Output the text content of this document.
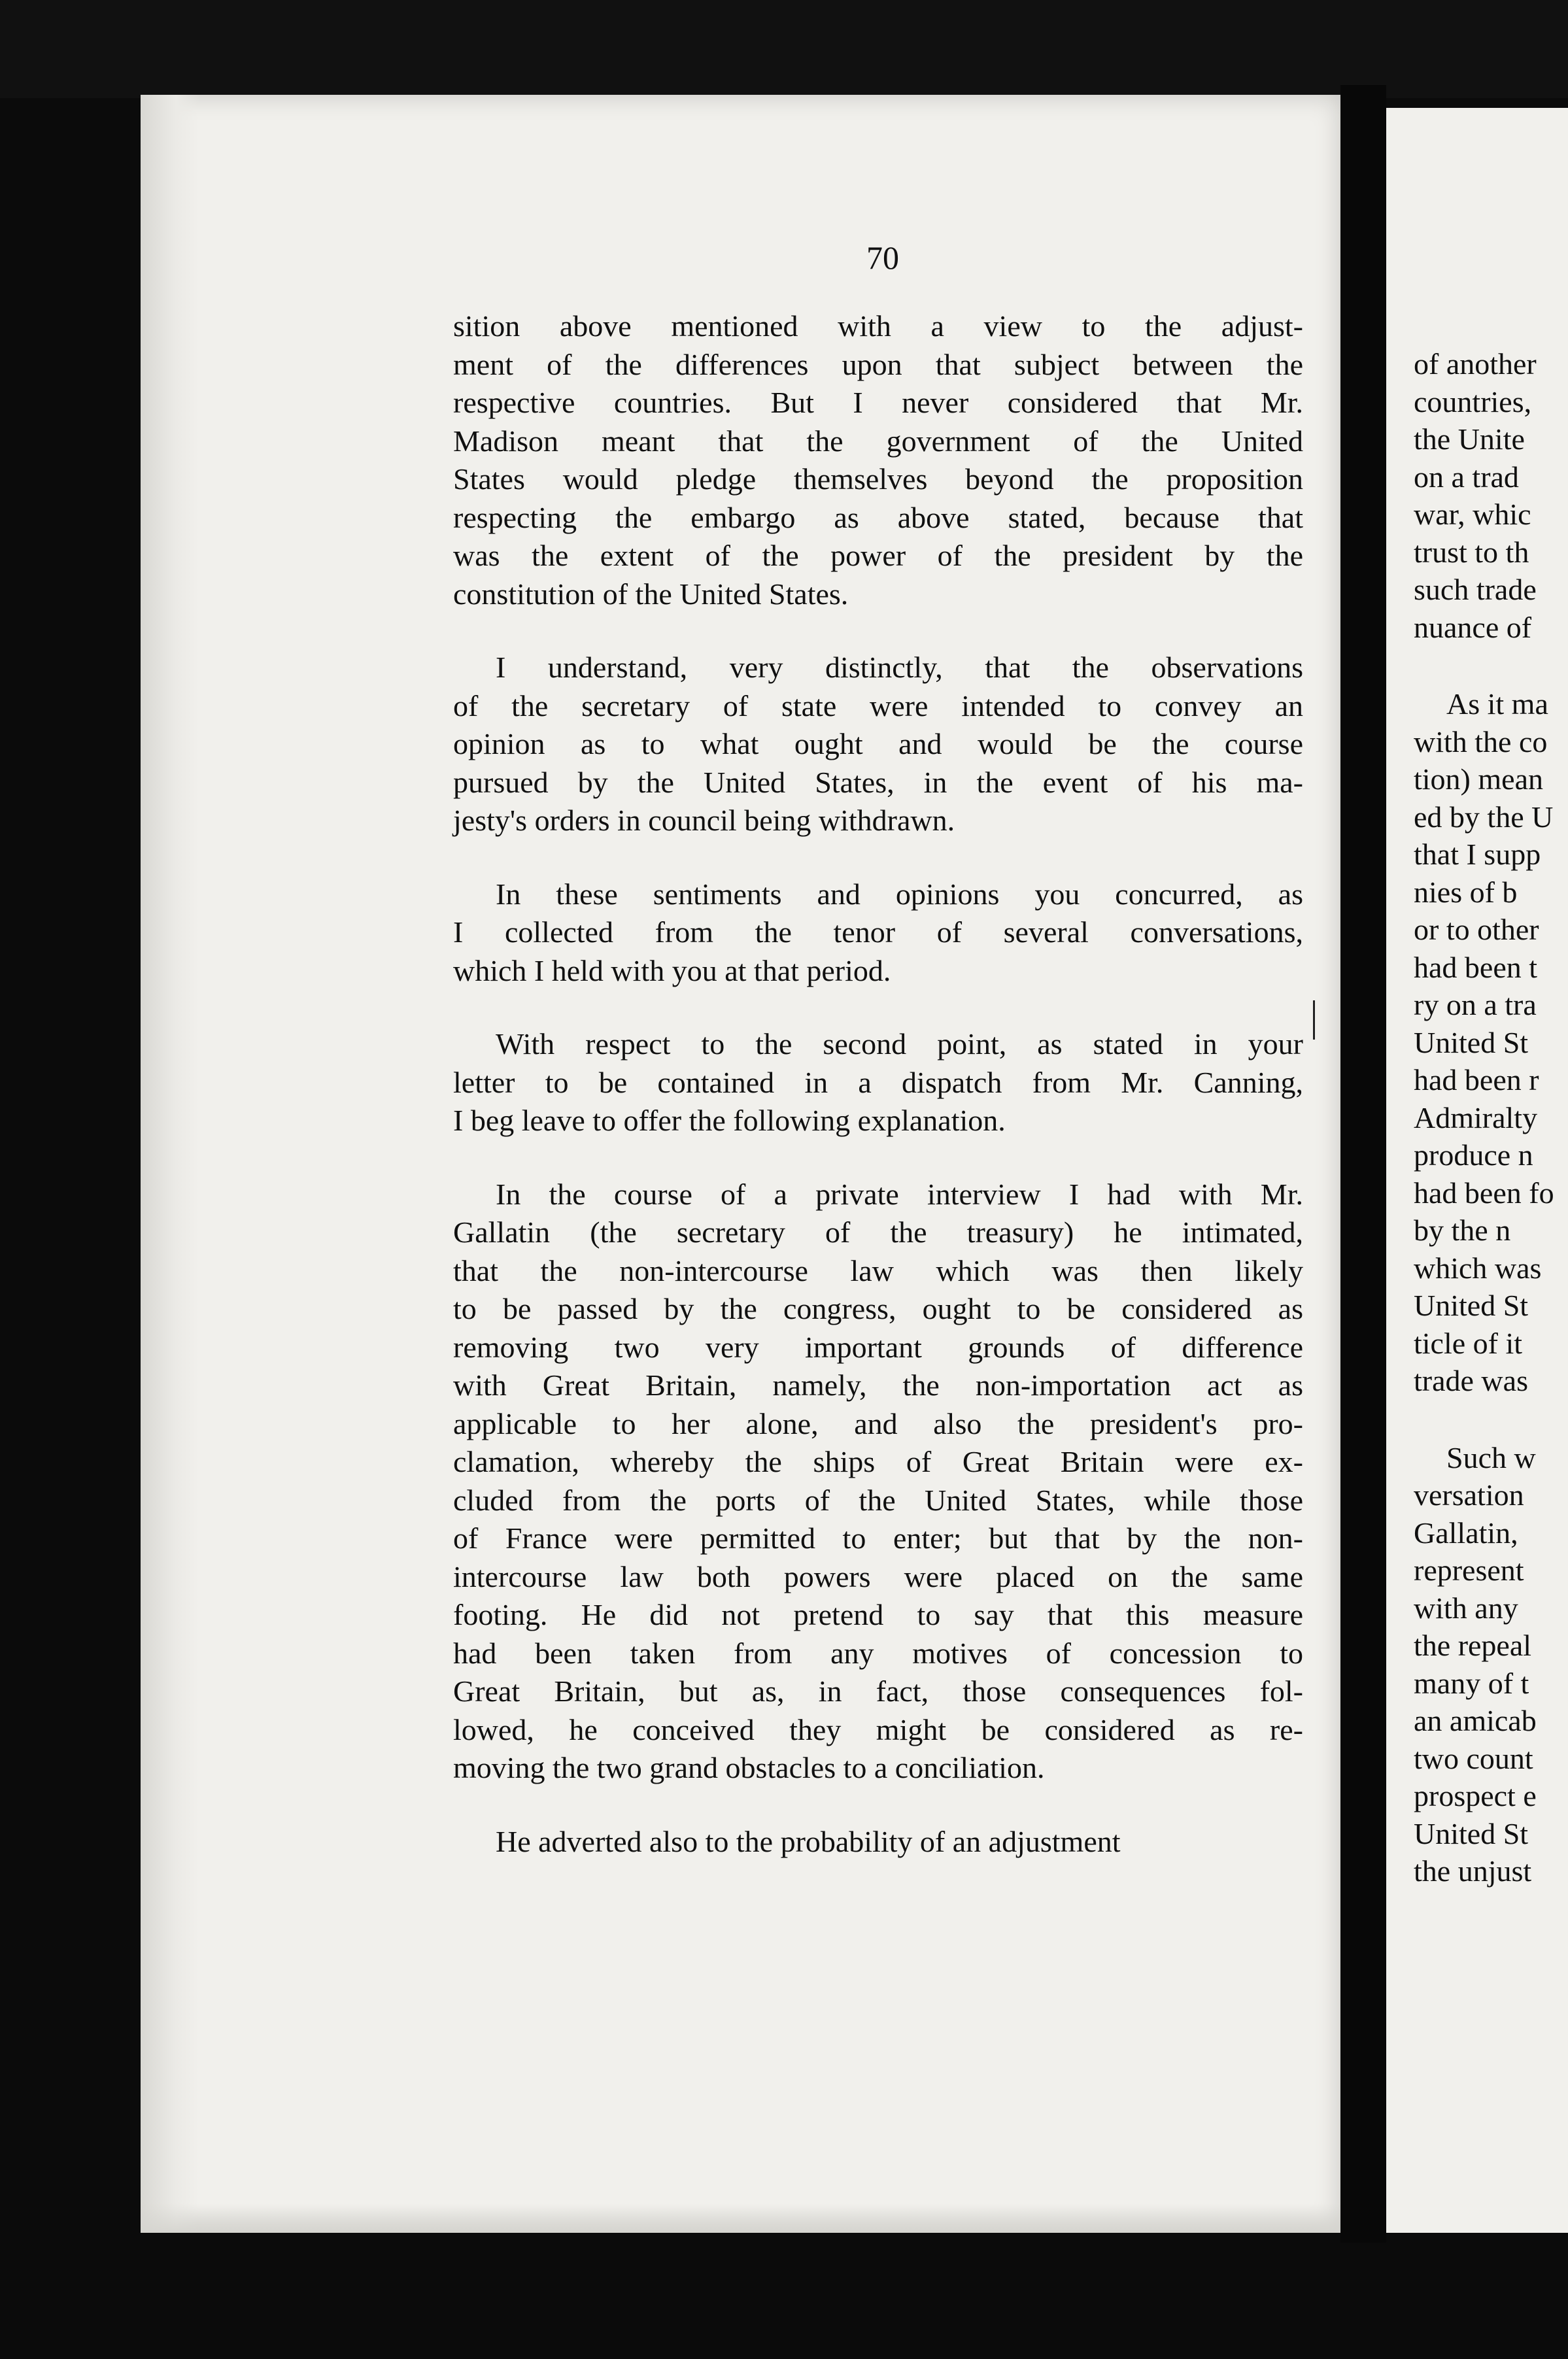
70
sition above mentioned with a view to the adjust-
ment of the differences upon that subject between the
respective countries. But I never considered that Mr.
Madison meant that the government of the United
States would pledge themselves beyond the proposition
respecting the embargo as above stated, because that
was the extent of the power of the president by the
constitution of the United States.
I understand, very distinctly, that the observations
of the secretary of state were intended to convey an
opinion as to what ought and would be the course
pursued by the United States, in the event of his ma-
jesty's orders in council being withdrawn.
In these sentiments and opinions you concurred, as
I collected from the tenor of several conversations,
which I held with you at that period.
With respect to the second point, as stated in your
letter to be contained in a dispatch from Mr. Canning,
I beg leave to offer the following explanation.
In the course of a private interview I had with Mr.
Gallatin (the secretary of the treasury) he intimated,
that the non-intercourse law which was then likely
to be passed by the congress, ought to be considered as
removing two very important grounds of difference
with Great Britain, namely, the non-importation act as
applicable to her alone, and also the president's pro-
clamation, whereby the ships of Great Britain were ex-
cluded from the ports of the United States, while those
of France were permitted to enter; but that by the non-
intercourse law both powers were placed on the same
footing. He did not pretend to say that this measure
had been taken from any motives of concession to
Great Britain, but as, in fact, those consequences fol-
lowed, he conceived they might be considered as re-
moving the two grand obstacles to a conciliation.
He adverted also to the probability of an adjustment
of another
countries,
the Unite
on a trad
war, whic
trust to th
such trade
nuance of
As it ma
with the co
tion) mean
ed by the U
that I supp
nies of b
or to other
had been t
ry on a tra
United St
had been r
Admiralty
produce n
had been fo
by the n
which was
United St
ticle of it
trade was
Such w
versation
Gallatin,
represent
with any
the repeal
many of t
an amicab
two count
prospect e
United St
the unjust
